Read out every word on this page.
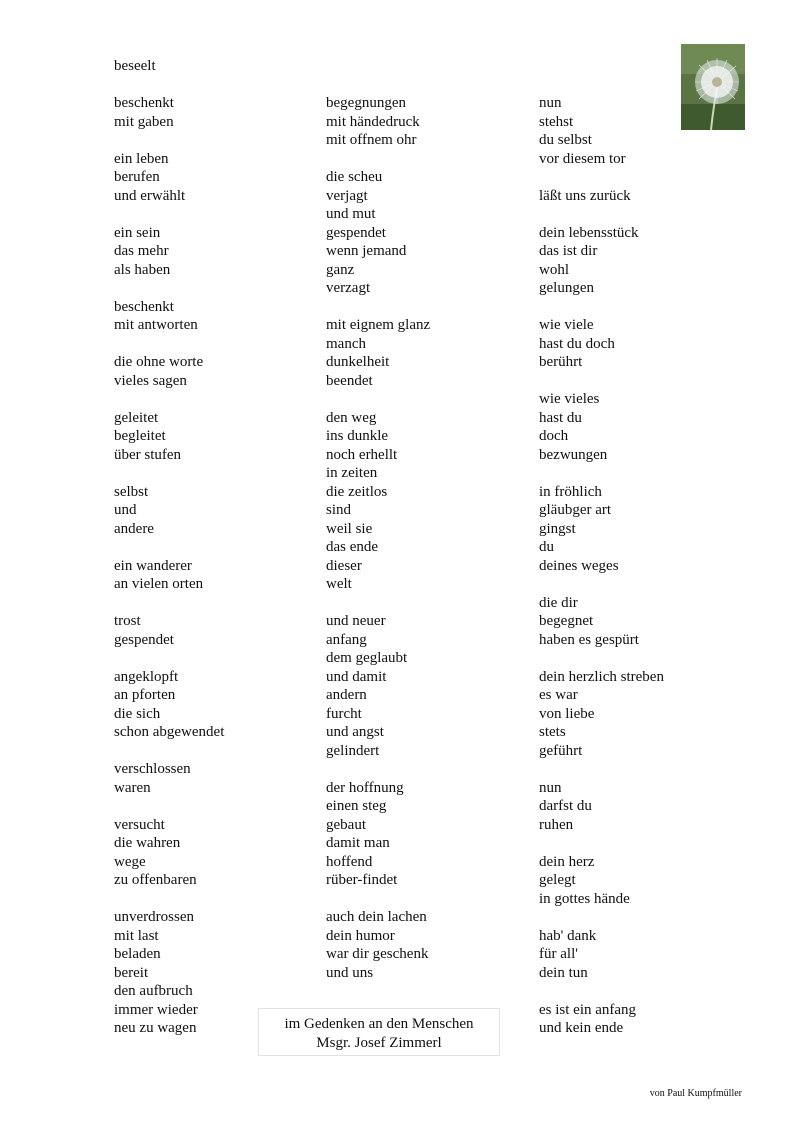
beseelt
beschenkt
mit gaben
ein leben
berufen
und erwählt
ein sein
das mehr
als haben
beschenkt
mit antworten
die ohne worte
vieles sagen
geleitet
begleitet
über stufen
selbst
und
andere
ein wanderer
an vielen orten
trost
gespendet
angeklopft
an pforten
die sich
schon abgewendet
verschlossen
waren
versucht
die wahren
wege
zu offenbaren
unverdrossen
mit last
beladen
bereit
den aufbruch
immer wieder
neu zu wagen
begegnungen
mit händedruck
mit offnem ohr
die scheu
verjagt
und mut
gespendet
wenn jemand
ganz
verzagt
mit eignem glanz
manch
dunkelheit
beendet
den weg
ins dunkle
noch erhellt
in zeiten
die zeitlos
sind
weil sie
das ende
dieser
welt
und neuer
anfang
dem geglaubt
und damit
andern
furcht
und angst
gelindert
der hoffnung
einen steg
gebaut
damit man
hoffend
rüber-findet
auch dein lachen
dein humor
war dir geschenk
und uns
nun
stehst
du selbst
vor diesem tor
läßt uns zurück
dein lebensstück
das ist dir
wohl
gelungen
wie viele
hast du doch
berührt
wie vieles
hast du
doch
bezwungen
in fröhlich
gläubger art
gingst
du
deines weges
die dir
begegnet
haben es gespürt
dein herzlich streben
es war
von liebe
stets
geführt
nun
darfst du
ruhen
dein herz
gelegt
in gottes hände
hab' dank
für all'
dein tun
es ist ein anfang
und kein ende
im Gedenken an den Menschen
Msgr. Josef Zimmerl
von Paul Kumpfmüller
